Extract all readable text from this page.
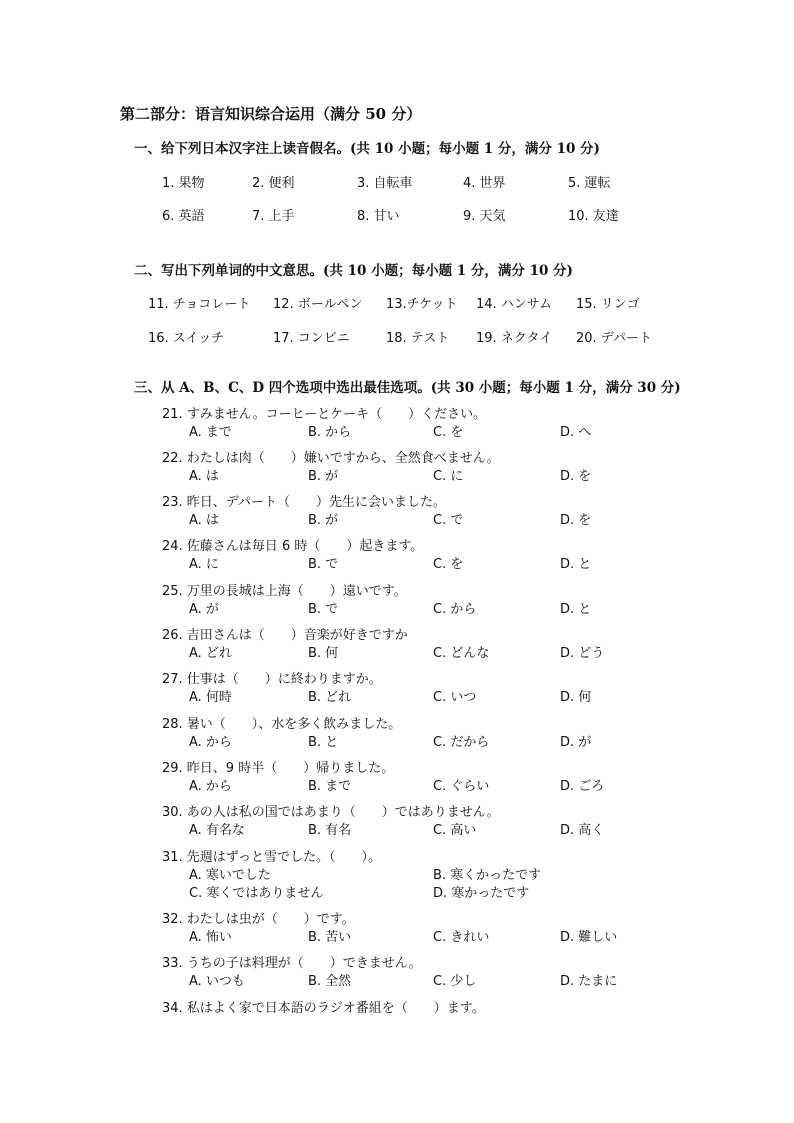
第二部分：语言知识综合运用（满分 50 分）
一、给下列日本汉字注上读音假名。(共 10 小题；每小题 1 分，满分 10 分)
1. 果物	2. 便利	3. 自転車	4. 世界	5. 運転
6. 英語	7. 上手	8. 甘い	9. 天気	10. 友達
二、写出下列单词的中文意思。(共 10 小题；每小题 1 分，满分 10 分)
11. チョコレート 12. ボールペン 13.チケット 14. ハンサム 15. リンゴ
16. スイッチ	17. コンビニ	18. テスト 19. ネクタイ 20. デパート
三、从 A、B、C、D 四个选项中选出最佳选项。(共 30 小题；每小题 1 分，满分 30 分)
21. すみません。コーヒーとケーキ（　　）ください。
A. まで	B. から	C. を	D. へ
22. わたしは肉（　　）嫌いですから、全然食べません。
A. は	B. が	C. に	D. を
23. 昨日、デパート（　　）先生に会いました。
A. は	B. が	C. で	D. を
24. 佐藤さんは毎日 6 時（　　）起きます。
A. に	B. で	C. を	D. と
25. 万里の長城は上海（　　）遠いです。
A. が	B. で	C. から	D. と
26. 吉田さんは（　　）音楽が好きですか
A. どれ	B. 何	C. どんな	D. どう
27. 仕事は（　　）に終わりますか。
A. 何時	B. どれ	C. いつ	D. 何
28. 暑い（　　）、水を多く飲みました。
A. から	B. と	C. だから	D. が
29. 昨日、9 時半（　　）帰りました。
A. から	B. まで	C. ぐらい	D. ごろ
30. あの人は私の国ではあまり（　　）ではありません。
A. 有名な	B. 有名	C. 高い	D. 高く
31. 先週はずっと雪でした。（　　）。
A. 寒いでした	B. 寒くかったです
C. 寒くではありません	D. 寒かったです
32. わたしは虫が（　　）です。
A. 怖い	B. 苦い	C. きれい	D. 難しい
33. うちの子は料理が（　　）できません。
A. いつも	B. 全然	C. 少し	D. たまに
34. 私はよく家で日本語のラジオ番組を（　　）ます。
